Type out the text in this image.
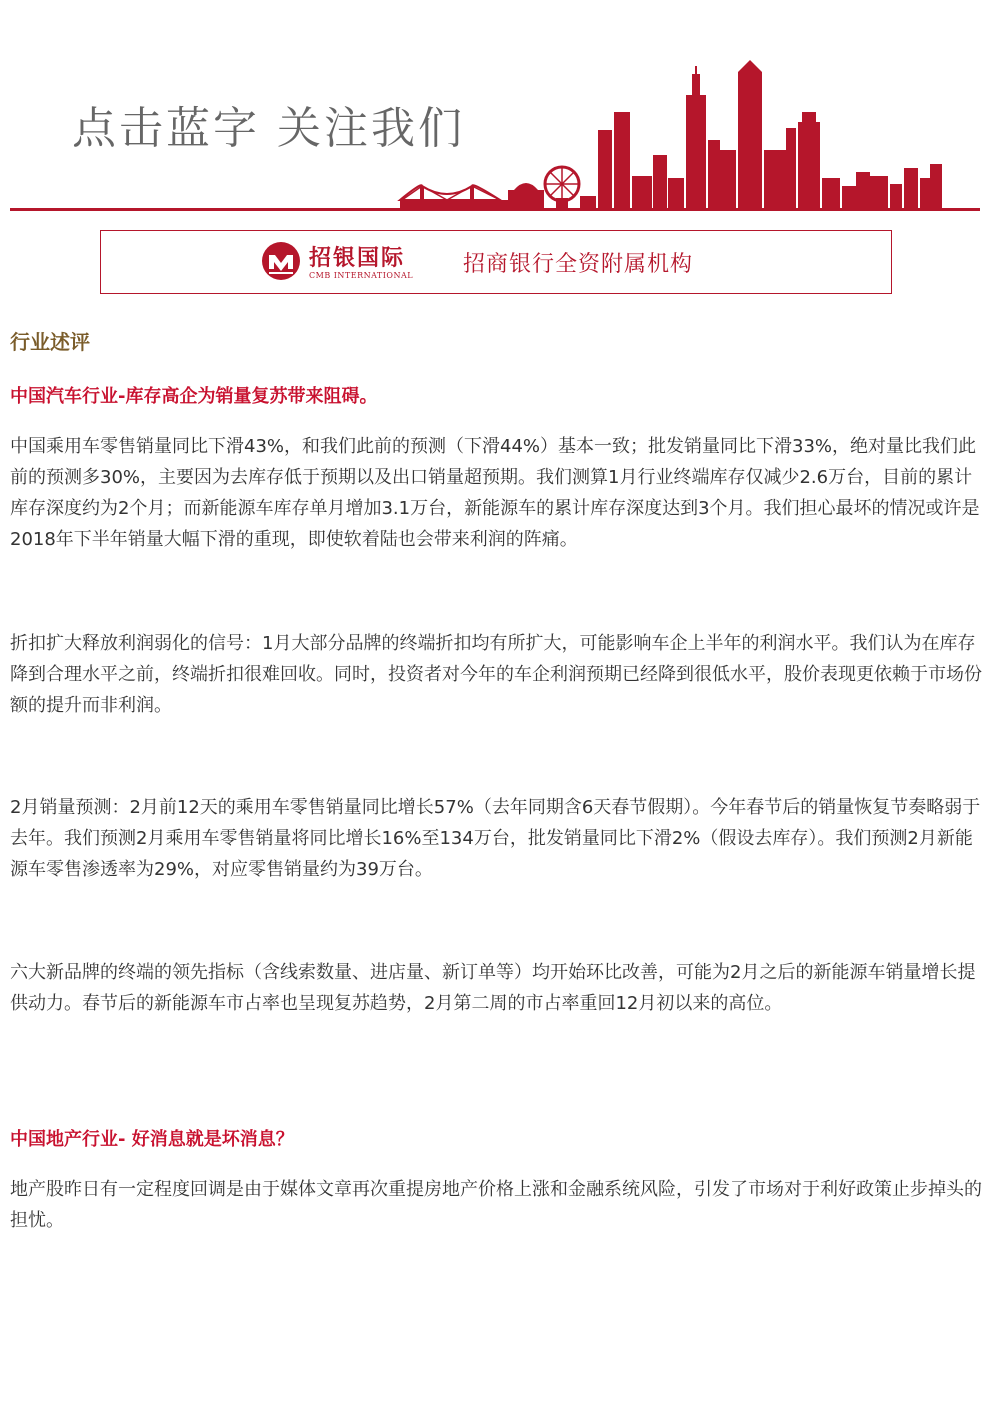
点击蓝字 关注我们
招银国际
CMB INTERNATIONAL 招商银行全资附属机构
行业述评
中国汽车行业-库存高企为销量复苏带来阻碍。
中国乘用车零售销量同比下滑43%，和我们此前的预测（下滑44%）基本一致；批发销量同比下滑33%，绝对量比我们此前的预测多30%，主要因为去库存低于预期以及出口销量超预期。我们测算1月行业终端库存仅减少2.6万台，目前的累计库存深度约为2个月；而新能源车库存单月增加3.1万台，新能源车的累计库存深度达到3个月。我们担心最坏的情况或许是2018年下半年销量大幅下滑的重现，即使软着陆也会带来利润的阵痛。
折扣扩大释放利润弱化的信号：1月大部分品牌的终端折扣均有所扩大，可能影响车企上半年的利润水平。我们认为在库存降到合理水平之前，终端折扣很难回收。同时，投资者对今年的车企利润预期已经降到很低水平，股价表现更依赖于市场份额的提升而非利润。
2月销量预测：2月前12天的乘用车零售销量同比增长57%（去年同期含6天春节假期）。今年春节后的销量恢复节奏略弱于去年。我们预测2月乘用车零售销量将同比增长16%至134万台，批发销量同比下滑2%（假设去库存）。我们预测2月新能源车零售渗透率为29%，对应零售销量约为39万台。
六大新品牌的终端的领先指标（含线索数量、进店量、新订单等）均开始环比改善，可能为2月之后的新能源车销量增长提供动力。春节后的新能源车市占率也呈现复苏趋势，2月第二周的市占率重回12月初以来的高位。
中国地产行业- 好消息就是坏消息？
地产股昨日有一定程度回调是由于媒体文章再次重提房地产价格上涨和金融系统风险，引发了市场对于利好政策止步掉头的担忧。
